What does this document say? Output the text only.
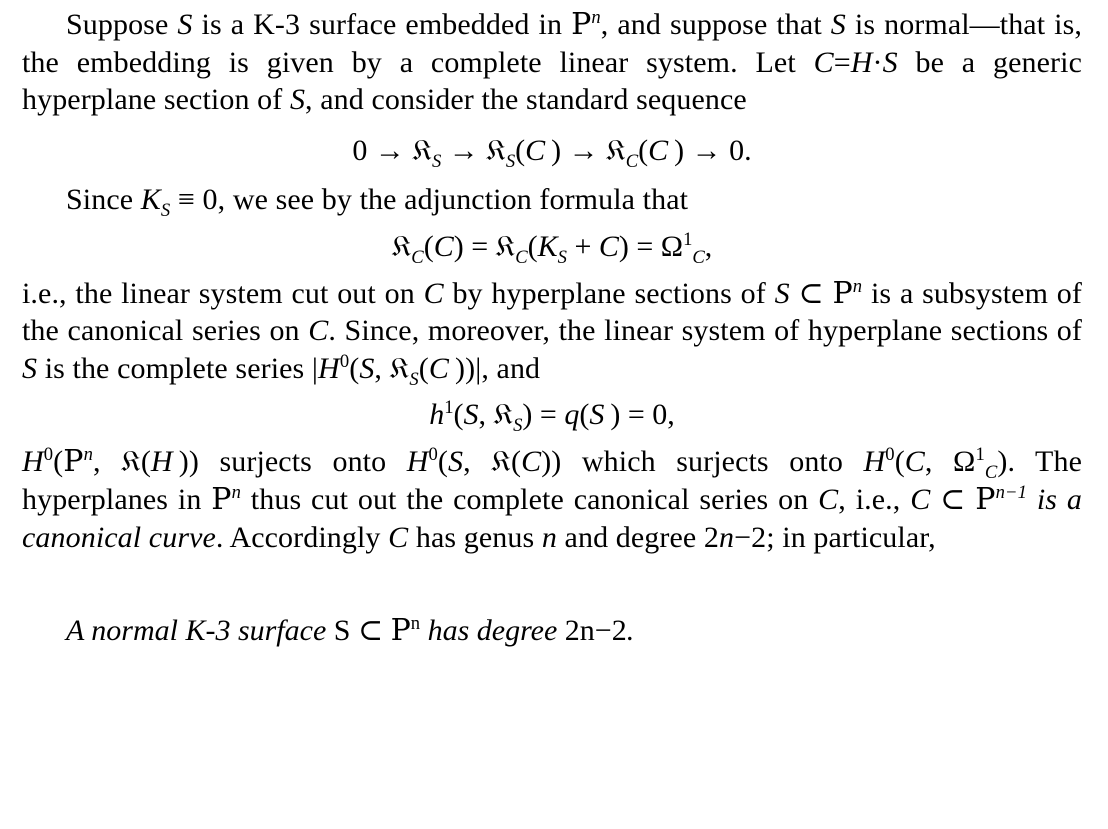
Suppose S is a K-3 surface embedded in $P^n$, and suppose that S is normal—that is, the embedding is given by a complete linear system. Let C=H·S be a generic hyperplane section of S, and consider the standard sequence

0 → 𝔎$_S$ → 𝔎$_S$(C ) → 𝔎$_C$(C ) → 0.

Since $K_S \equiv 0$, we see by the adjunction formula that

𝔎$_C$(C) = $𝔎_C(K_S + C) = \Omega^1_C$,

i.e., the linear system cut out on C by hyperplane sections of S ⊂ $P^n$ is a subsystem of the canonical series on C. Since, moreover, the linear system of hyperplane sections of S is the complete series $|H^0(S$, 𝔎$_S$(C ))|, and

$h^1(S$, 𝔎$_S$) = q(S ) = 0,

$H^0(P^n$, 𝔎(H )) surjects onto $H^0(S$, 𝔎(C)) which surjects onto $H^0(C$, $\Omega^1_C$). The hyperplanes in $P^n$ thus cut out the complete canonical series on C, i.e., C ⊂ $P^{n-1}$ is a canonical curve. Accordingly C has genus n and degree 2n−2; in particular,

A normal K-3 surface S ⊂ $P^n$ has degree 2n−2.
